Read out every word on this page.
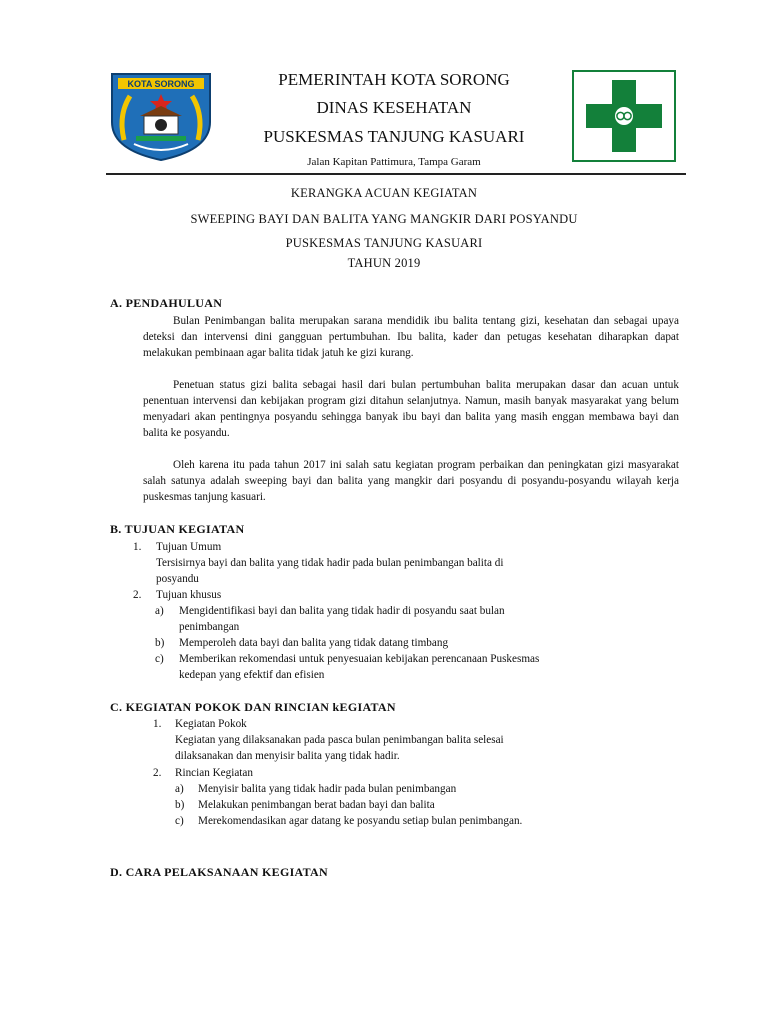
KOTA SORONG	PEMERINTAH KOTA SORONG
DINAS KESEHATAN
PUSKESMAS TANJUNG KASUARI
Jalan Kapitan Pattimura, Tampa Garam
KERANGKA ACUAN KEGIATAN
SWEEPING BAYI DAN BALITA YANG MANGKIR DARI POSYANDU
PUSKESMAS TANJUNG KASUARI
TAHUN 2019
A. PENDAHULUAN

Bulan Penimbangan balita merupakan sarana mendidik ibu balita tentang gizi, kesehatan dan sebagai upaya deteksi dan intervensi dini gangguan pertumbuhan. Ibu balita, kader dan petugas kesehatan diharapkan dapat melakukan pembinaan agar balita tidak jatuh ke gizi kurang.

Penetuan status gizi balita sebagai hasil dari bulan pertumbuhan balita merupakan dasar dan acuan untuk penentuan intervensi dan kebijakan program gizi ditahun selanjutnya. Namun, masih banyak masyarakat yang belum menyadari akan pentingnya posyandu sehingga banyak ibu bayi dan balita yang masih enggan membawa bayi dan balita ke posyandu.

Oleh karena itu pada tahun 2017 ini salah satu kegiatan program perbaikan dan peningkatan gizi masyarakat salah satunya adalah sweeping bayi dan balita yang mangkir dari posyandu di posyandu-posyandu wilayah kerja puskesmas tanjung kasuari.

B. TUJUAN KEGIATAN
1. Tujuan Umum
Tersisirnya bayi dan balita yang tidak hadir pada bulan penimbangan balita di
posyandu
2. Tujuan khusus
a) Mengidentifikasi bayi dan balita yang tidak hadir di posyandu saat bulan
penimbangan
b) Memperoleh data bayi dan balita yang tidak datang timbang
c) Memberikan rekomendasi untuk penyesuaian kebijakan perencanaan Puskesmas
kedepan yang efektif dan efisien
C. KEGIATAN POKOK DAN RINCIAN kEGIATAN
1. Kegiatan Pokok
Kegiatan yang dilaksanakan pada pasca bulan penimbangan balita selesai
dilaksanakan dan menyisir balita yang tidak hadir.
2. Rincian Kegiatan
a) Menyisir balita yang tidak hadir pada bulan penimbangan
b) Melakukan penimbangan berat badan bayi dan balita
c) Merekomendasikan agar datang ke posyandu setiap bulan penimbangan.
D. CARA PELAKSANAAN KEGIATAN
